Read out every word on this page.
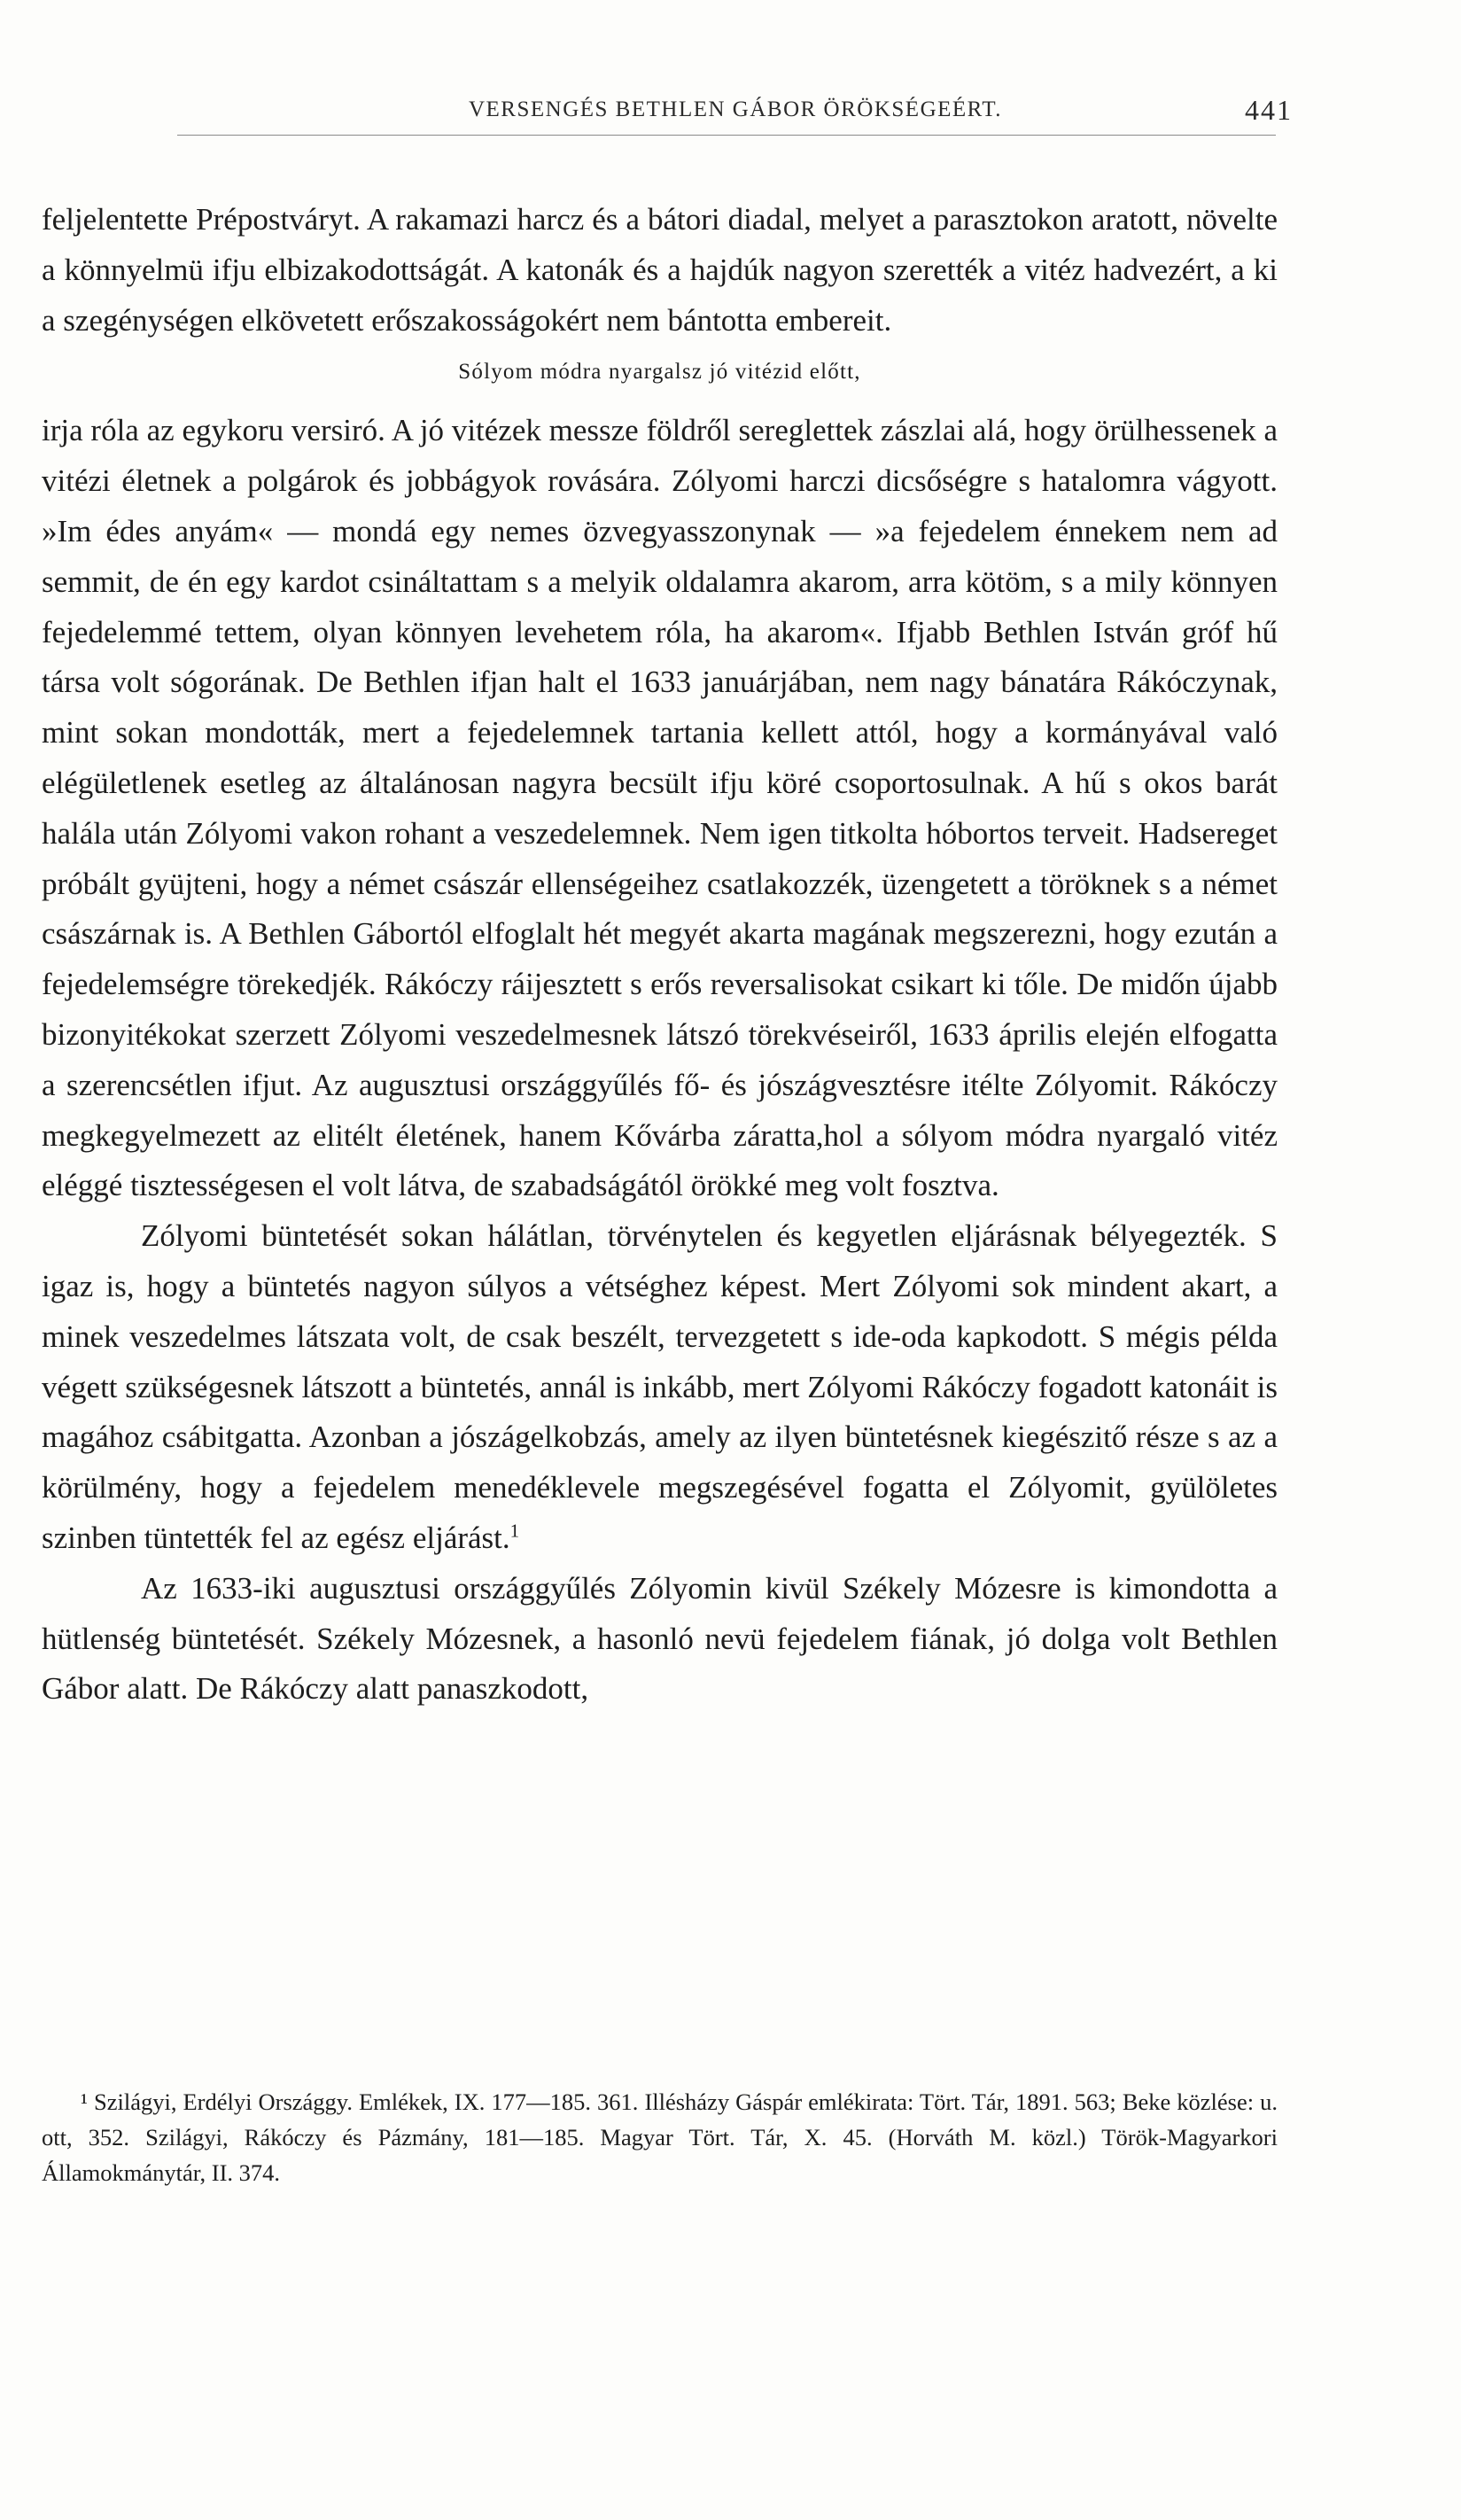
VERSENGÉS BETHLEN GÁBOR ÖRÖKSÉGEÉRT.	441

feljelentette Prépostváryt. A rakamazi harcz és a bátori diadal, melyet a parasztokon aratott, növelte a könnyelmü ifju elbizakodottságát. A katonák és a hajdúk nagyon szerették a vitéz hadvezért, a ki a szegénységen elkövetett erőszakosságokért nem bántotta embereit.

Sólyom módra nyargalsz jó vitézid előtt,

irja róla az egykoru versiró. A jó vitézek messze földről sereglettek zászlai alá, hogy örülhessenek a vitézi életnek a polgárok és jobbágyok rovására. Zólyomi harczi dicsőségre s hatalomra vágyott. »Im édes anyám« — mondá egy nemes özvegyasszonynak — »a fejedelem énnekem nem ad semmit, de én egy kardot csináltattam s a melyik oldalamra akarom, arra kötöm, s a mily könnyen fejedelemmé tettem, olyan könnyen levehetem róla, ha akarom«. Ifjabb Bethlen István gróf hű társa volt sógorának. De Bethlen ifjan halt el 1633 januárjában, nem nagy bánatára Rákóczynak, mint sokan mondották, mert a fejedelemnek tartania kellett attól, hogy a kormányával való elégületlenek esetleg az általánosan nagyra becsült ifju köré csoportosulnak. A hű s okos barát halála után Zólyomi vakon rohant a veszedelemnek. Nem igen titkolta hóbortos terveit. Hadsereget próbált gyüjteni, hogy a német császár ellenségeihez csatlakozzék, üzengetett a töröknek s a német császárnak is. A Bethlen Gábortól elfoglalt hét megyét akarta magának megszerezni, hogy ezután a fejedelemségre törekedjék. Rákóczy ráijesztett s erős reversalisokat csikart ki tőle. De midőn újabb bizonyitékokat szerzett Zólyomi veszedelmesnek látszó törekvéseiről, 1633 április elején elfogatta a szerencsétlen ifjut. Az augusztusi országgyűlés fő- és jószágvesztésre itélte Zólyomit. Rákóczy megkegyelmezett az elitélt életének, hanem Kővárba záratta,hol a sólyom módra nyargaló vitéz eléggé tisztességesen el volt látva, de szabadságától örökké meg volt fosztva.

Zólyomi büntetését sokan hálátlan, törvénytelen és kegyetlen eljárásnak bélyegezték. S igaz is, hogy a büntetés nagyon súlyos a vétséghez képest. Mert Zólyomi sok mindent akart, a minek veszedelmes látszata volt, de csak beszélt, tervezgetett s ide-oda kapkodott. S mégis példa végett szükségesnek látszott a büntetés, annál is inkább, mert Zólyomi Rákóczy fogadott katonáit is magához csábitgatta. Azonban a jószágelkobzás, amely az ilyen büntetésnek kiegészitő része s az a körülmény, hogy a fejedelem menedéklevele megszegésével fogatta el Zólyomit, gyülöletes szinben tüntették fel az egész eljárást.$^1$

Az 1633-iki augusztusi országgyűlés Zólyomin kivül Székely Mózesre is kimondotta a hütlenség büntetését. Székely Mózesnek, a hasonló nevü fejedelem fiának, jó dolga volt Bethlen Gábor alatt. De Rákóczy alatt panaszkodott,

¹ Szilágyi, Erdélyi Országgy. Emlékek, IX. 177—185. 361. Illésházy Gáspár emlékirata: Tört. Tár, 1891. 563; Beke közlése: u. ott, 352. Szilágyi, Rákóczy és Pázmány, 181—185. Magyar Tört. Tár, X. 45. (Horváth M. közl.) Török-Magyarkori Államokmánytár, II. 374.
